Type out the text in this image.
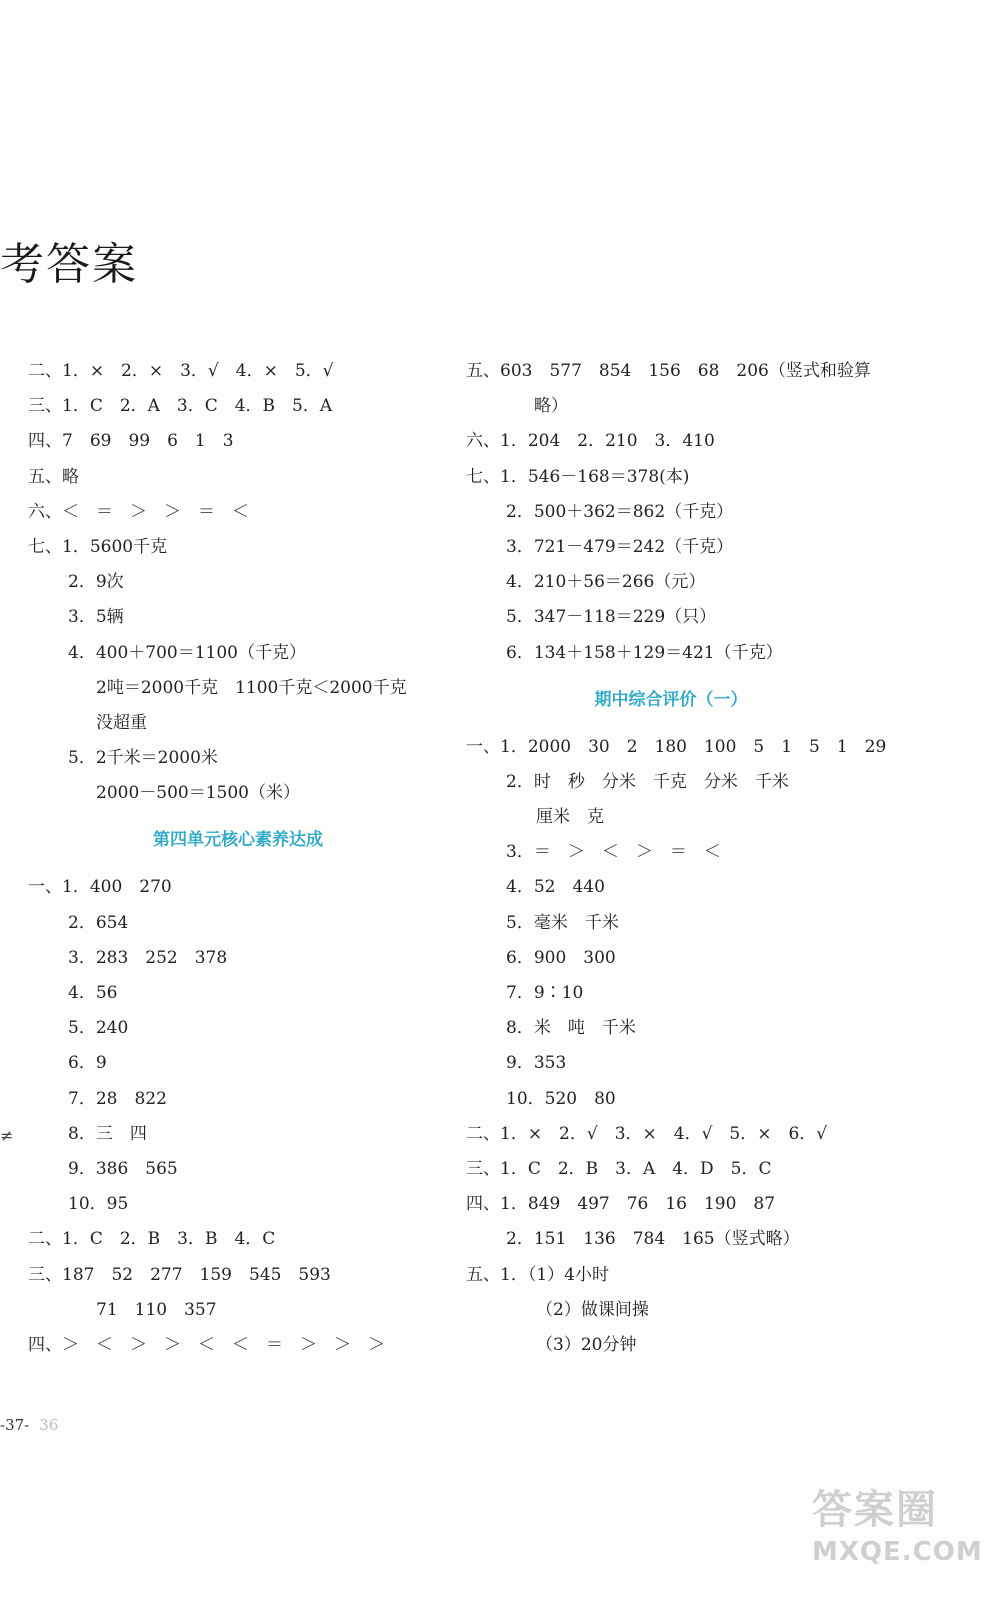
考答案
二、1．×　2．×　3．√　4．×　5．√
三、1．C　2．A　3．C　4．B　5．A
四、7　69　99　6　1　3
五、略
六、＜　＝　＞　＞　＝　＜
七、1．5600千克
2．9次
3．5辆
4．400＋700＝1100（千克）
2吨＝2000千克　1100千克＜2000千克
没超重
5．2千米＝2000米
2000－500＝1500（米）
第四单元核心素养达成
一、1．400　270
2．654
3．283　252　378
4．56
5．240
6．9
7．28　822
8．三　四
9．386　565
10．95
二、1．C　2．B　3．B　4．C
三、187　52　277　159　545　593
71　110　357
四、＞　＜　＞　＞　＜　＜　＝　＞　＞　＞
五、603　577　854　156　68　206（竖式和验算
略）
六、1．204　2．210　3．410
七、1．546－168＝378(本)
2．500＋362＝862（千克）
3．721－479＝242（千克）
4．210＋56＝266（元）
5．347－118＝229（只）
6．134＋158＋129＝421（千克）
期中综合评价（一）
一、1．2000　30　2　180　100　5　1　5　1　29
2．时　秒　分米　千克　分米　千米
厘米　克
3．＝　＞　＜　＞　＝　＜
4．52　440
5．毫米　千米
6．900　300
7．9∶10
8．米　吨　千米
9．353
10．520　80
二、1．×　2．√　3．×　4．√　5．×　6．√
三、1．C　2．B　3．A　4．D　5．C
四、1．849　497　76　16　190　87
2．151　136　784　165（竖式略）
五、1．（1）4小时
（2）做课间操
（3）20分钟
≠
-37- 36
答案圈
MXQE.COM
